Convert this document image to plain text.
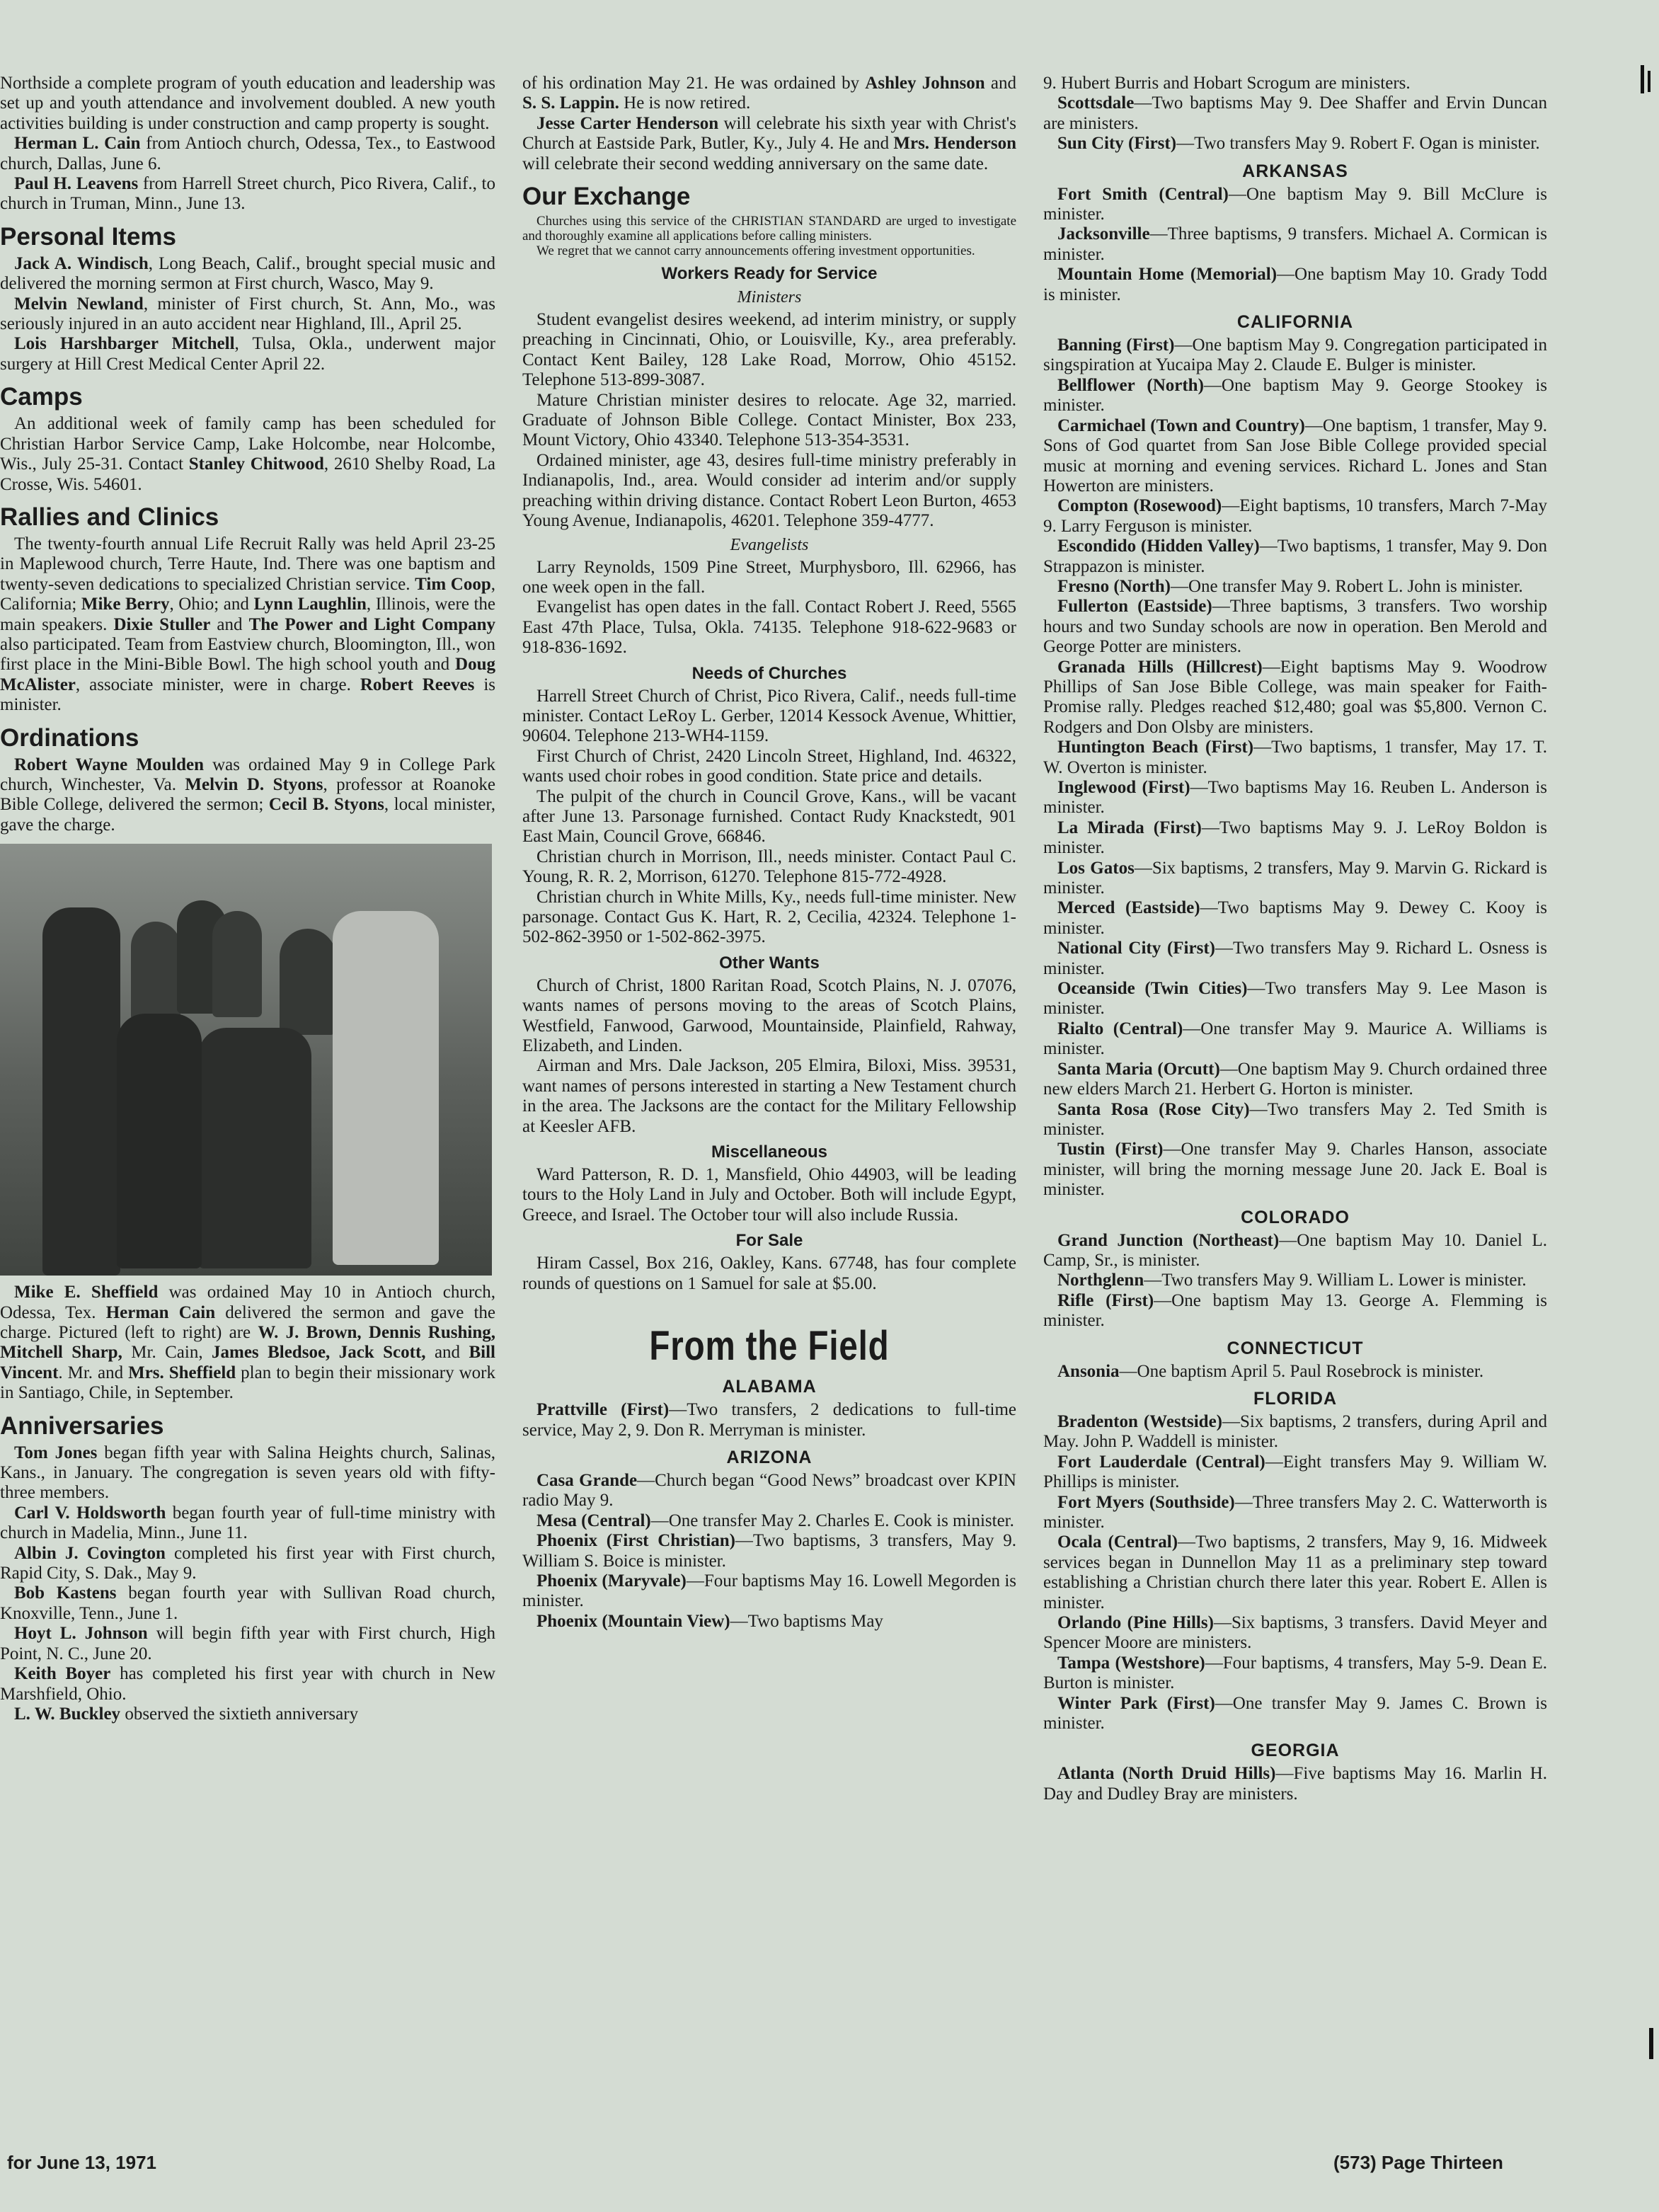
Northside a complete program of youth education and leadership was set up and youth attendance and involvement doubled. A new youth activities building is under construction and camp property is sought.

Herman L. Cain from Antioch church, Odessa, Tex., to Eastwood church, Dallas, June 6.

Paul H. Leavens from Harrell Street church, Pico Rivera, Calif., to church in Truman, Minn., June 13.

Personal Items

Jack A. Windisch, Long Beach, Calif., brought special music and delivered the morning sermon at First church, Wasco, May 9.

Melvin Newland, minister of First church, St. Ann, Mo., was seriously injured in an auto accident near Highland, Ill., April 25.

Lois Harshbarger Mitchell, Tulsa, Okla., underwent major surgery at Hill Crest Medical Center April 22.

Camps

An additional week of family camp has been scheduled for Christian Harbor Service Camp, Lake Holcombe, near Holcombe, Wis., July 25-31. Contact Stanley Chitwood, 2610 Shelby Road, La Crosse, Wis. 54601.

Rallies and Clinics

The twenty-fourth annual Life Recruit Rally was held April 23-25 in Maplewood church, Terre Haute, Ind. There was one baptism and twenty-seven dedications to specialized Christian service. Tim Coop, California; Mike Berry, Ohio; and Lynn Laughlin, Illinois, were the main speakers. Dixie Stuller and The Power and Light Company also participated. Team from Eastview church, Bloomington, Ill., won first place in the Mini-Bible Bowl. The high school youth and Doug McAlister, associate minister, were in charge. Robert Reeves is minister.

Ordinations

Robert Wayne Moulden was ordained May 9 in College Park church, Winchester, Va. Melvin D. Styons, professor at Roanoke Bible College, delivered the sermon; Cecil B. Styons, local minister, gave the charge.

Mike E. Sheffield was ordained May 10 in Antioch church, Odessa, Tex. Herman Cain delivered the sermon and gave the charge. Pictured (left to right) are W. J. Brown, Dennis Rushing, Mitchell Sharp, Mr. Cain, James Bledsoe, Jack Scott, and Bill Vincent. Mr. and Mrs. Sheffield plan to begin their missionary work in Santiago, Chile, in September.

Anniversaries

Tom Jones began fifth year with Salina Heights church, Salinas, Kans., in January. The congregation is seven years old with fifty-three members.

Carl V. Holdsworth began fourth year of full-time ministry with church in Madelia, Minn., June 11.

Albin J. Covington completed his first year with First church, Rapid City, S. Dak., May 9.

Bob Kastens began fourth year with Sullivan Road church, Knoxville, Tenn., June 1.

Hoyt L. Johnson will begin fifth year with First church, High Point, N. C., June 20.

Keith Boyer has completed his first year with church in New Marshfield, Ohio.

L. W. Buckley observed the sixtieth anniversary

of his ordination May 21. He was ordained by Ashley Johnson and S. S. Lappin. He is now retired.

Jesse Carter Henderson will celebrate his sixth year with Christ's Church at Eastside Park, Butler, Ky., July 4. He and Mrs. Henderson will celebrate their second wedding anniversary on the same date.

Our Exchange

Churches using this service of the CHRISTIAN STANDARD are urged to investigate and thoroughly examine all applications before calling ministers.

We regret that we cannot carry announcements offering investment opportunities.

Workers Ready for Service
Ministers

Student evangelist desires weekend, ad interim ministry, or supply preaching in Cincinnati, Ohio, or Louisville, Ky., area preferably. Contact Kent Bailey, 128 Lake Road, Morrow, Ohio 45152. Telephone 513-899-3087.

Mature Christian minister desires to relocate. Age 32, married. Graduate of Johnson Bible College. Contact Minister, Box 233, Mount Victory, Ohio 43340. Telephone 513-354-3531.

Ordained minister, age 43, desires full-time ministry preferably in Indianapolis, Ind., area. Would consider ad interim and/or supply preaching within driving distance. Contact Robert Leon Burton, 4653 Young Avenue, Indianapolis, 46201. Telephone 359-4777.

Evangelists

Larry Reynolds, 1509 Pine Street, Murphysboro, Ill. 62966, has one week open in the fall.

Evangelist has open dates in the fall. Contact Robert J. Reed, 5565 East 47th Place, Tulsa, Okla. 74135. Telephone 918-622-9683 or 918-836-1692.

Needs of Churches

Harrell Street Church of Christ, Pico Rivera, Calif., needs full-time minister. Contact LeRoy L. Gerber, 12014 Kessock Avenue, Whittier, 90604. Telephone 213-WH4-1159.

First Church of Christ, 2420 Lincoln Street, Highland, Ind. 46322, wants used choir robes in good condition. State price and details.

The pulpit of the church in Council Grove, Kans., will be vacant after June 13. Parsonage furnished. Contact Rudy Knackstedt, 901 East Main, Council Grove, 66846.

Christian church in Morrison, Ill., needs minister. Contact Paul C. Young, R. R. 2, Morrison, 61270. Telephone 815-772-4928.

Christian church in White Mills, Ky., needs full-time minister. New parsonage. Contact Gus K. Hart, R. 2, Cecilia, 42324. Telephone 1-502-862-3950 or 1-502-862-3975.

Other Wants

Church of Christ, 1800 Raritan Road, Scotch Plains, N. J. 07076, wants names of persons moving to the areas of Scotch Plains, Westfield, Fanwood, Garwood, Mountainside, Plainfield, Rahway, Elizabeth, and Linden.

Airman and Mrs. Dale Jackson, 205 Elmira, Biloxi, Miss. 39531, want names of persons interested in starting a New Testament church in the area. The Jacksons are the contact for the Military Fellowship at Keesler AFB.

Miscellaneous

Ward Patterson, R. D. 1, Mansfield, Ohio 44903, will be leading tours to the Holy Land in July and October. Both will include Egypt, Greece, and Israel. The October tour will also include Russia.

For Sale

Hiram Cassel, Box 216, Oakley, Kans. 67748, has four complete rounds of questions on 1 Samuel for sale at $5.00.

From the Field
ALABAMA

Prattville (First)—Two transfers, 2 dedications to full-time service, May 2, 9. Don R. Merryman is minister.

ARIZONA

Casa Grande—Church began “Good News” broadcast over KPIN radio May 9.

Mesa (Central)—One transfer May 2. Charles E. Cook is minister.

Phoenix (First Christian)—Two baptisms, 3 transfers, May 9. William S. Boice is minister.

Phoenix (Maryvale)—Four baptisms May 16. Lowell Megorden is minister.

Phoenix (Mountain View)—Two baptisms May

9. Hubert Burris and Hobart Scrogum are ministers.

Scottsdale—Two baptisms May 9. Dee Shaffer and Ervin Duncan are ministers.

Sun City (First)—Two transfers May 9. Robert F. Ogan is minister.

ARKANSAS

Fort Smith (Central)—One baptism May 9. Bill McClure is minister.

Jacksonville—Three baptisms, 9 transfers. Michael A. Cormican is minister.

Mountain Home (Memorial)—One baptism May 10. Grady Todd is minister.

CALIFORNIA

Banning (First)—One baptism May 9. Congregation participated in singspiration at Yucaipa May 2. Claude E. Bulger is minister.

Bellflower (North)—One baptism May 9. George Stookey is minister.

Carmichael (Town and Country)—One baptism, 1 transfer, May 9. Sons of God quartet from San Jose Bible College provided special music at morning and evening services. Richard L. Jones and Stan Howerton are ministers.

Compton (Rosewood)—Eight baptisms, 10 transfers, March 7-May 9. Larry Ferguson is minister.

Escondido (Hidden Valley)—Two baptisms, 1 transfer, May 9. Don Strappazon is minister.

Fresno (North)—One transfer May 9. Robert L. John is minister.

Fullerton (Eastside)—Three baptisms, 3 transfers. Two worship hours and two Sunday schools are now in operation. Ben Merold and George Potter are ministers.

Granada Hills (Hillcrest)—Eight baptisms May 9. Woodrow Phillips of San Jose Bible College, was main speaker for Faith-Promise rally. Pledges reached $12,480; goal was $5,800. Vernon C. Rodgers and Don Olsby are ministers.

Huntington Beach (First)—Two baptisms, 1 transfer, May 17. T. W. Overton is minister.

Inglewood (First)—Two baptisms May 16. Reuben L. Anderson is minister.

La Mirada (First)—Two baptisms May 9. J. LeRoy Boldon is minister.

Los Gatos—Six baptisms, 2 transfers, May 9. Marvin G. Rickard is minister.

Merced (Eastside)—Two baptisms May 9. Dewey C. Kooy is minister.

National City (First)—Two transfers May 9. Richard L. Osness is minister.

Oceanside (Twin Cities)—Two transfers May 9. Lee Mason is minister.

Rialto (Central)—One transfer May 9. Maurice A. Williams is minister.

Santa Maria (Orcutt)—One baptism May 9. Church ordained three new elders March 21. Herbert G. Horton is minister.

Santa Rosa (Rose City)—Two transfers May 2. Ted Smith is minister.

Tustin (First)—One transfer May 9. Charles Hanson, associate minister, will bring the morning message June 20. Jack E. Boal is minister.

COLORADO

Grand Junction (Northeast)—One baptism May 10. Daniel L. Camp, Sr., is minister.

Northglenn—Two transfers May 9. William L. Lower is minister.

Rifle (First)—One baptism May 13. George A. Flemming is minister.

CONNECTICUT

Ansonia—One baptism April 5. Paul Rosebrock is minister.

FLORIDA

Bradenton (Westside)—Six baptisms, 2 transfers, during April and May. John P. Waddell is minister.

Fort Lauderdale (Central)—Eight transfers May 9. William W. Phillips is minister.

Fort Myers (Southside)—Three transfers May 2. C. Watterworth is minister.

Ocala (Central)—Two baptisms, 2 transfers, May 9, 16. Midweek services began in Dunnellon May 11 as a preliminary step toward establishing a Christian church there later this year. Robert E. Allen is minister.

Orlando (Pine Hills)—Six baptisms, 3 transfers. David Meyer and Spencer Moore are ministers.

Tampa (Westshore)—Four baptisms, 4 transfers, May 5-9. Dean E. Burton is minister.

Winter Park (First)—One transfer May 9. James C. Brown is minister.

GEORGIA

Atlanta (North Druid Hills)—Five baptisms May 16. Marlin H. Day and Dudley Bray are ministers.

for June 13, 1971	(573) Page Thirteen
